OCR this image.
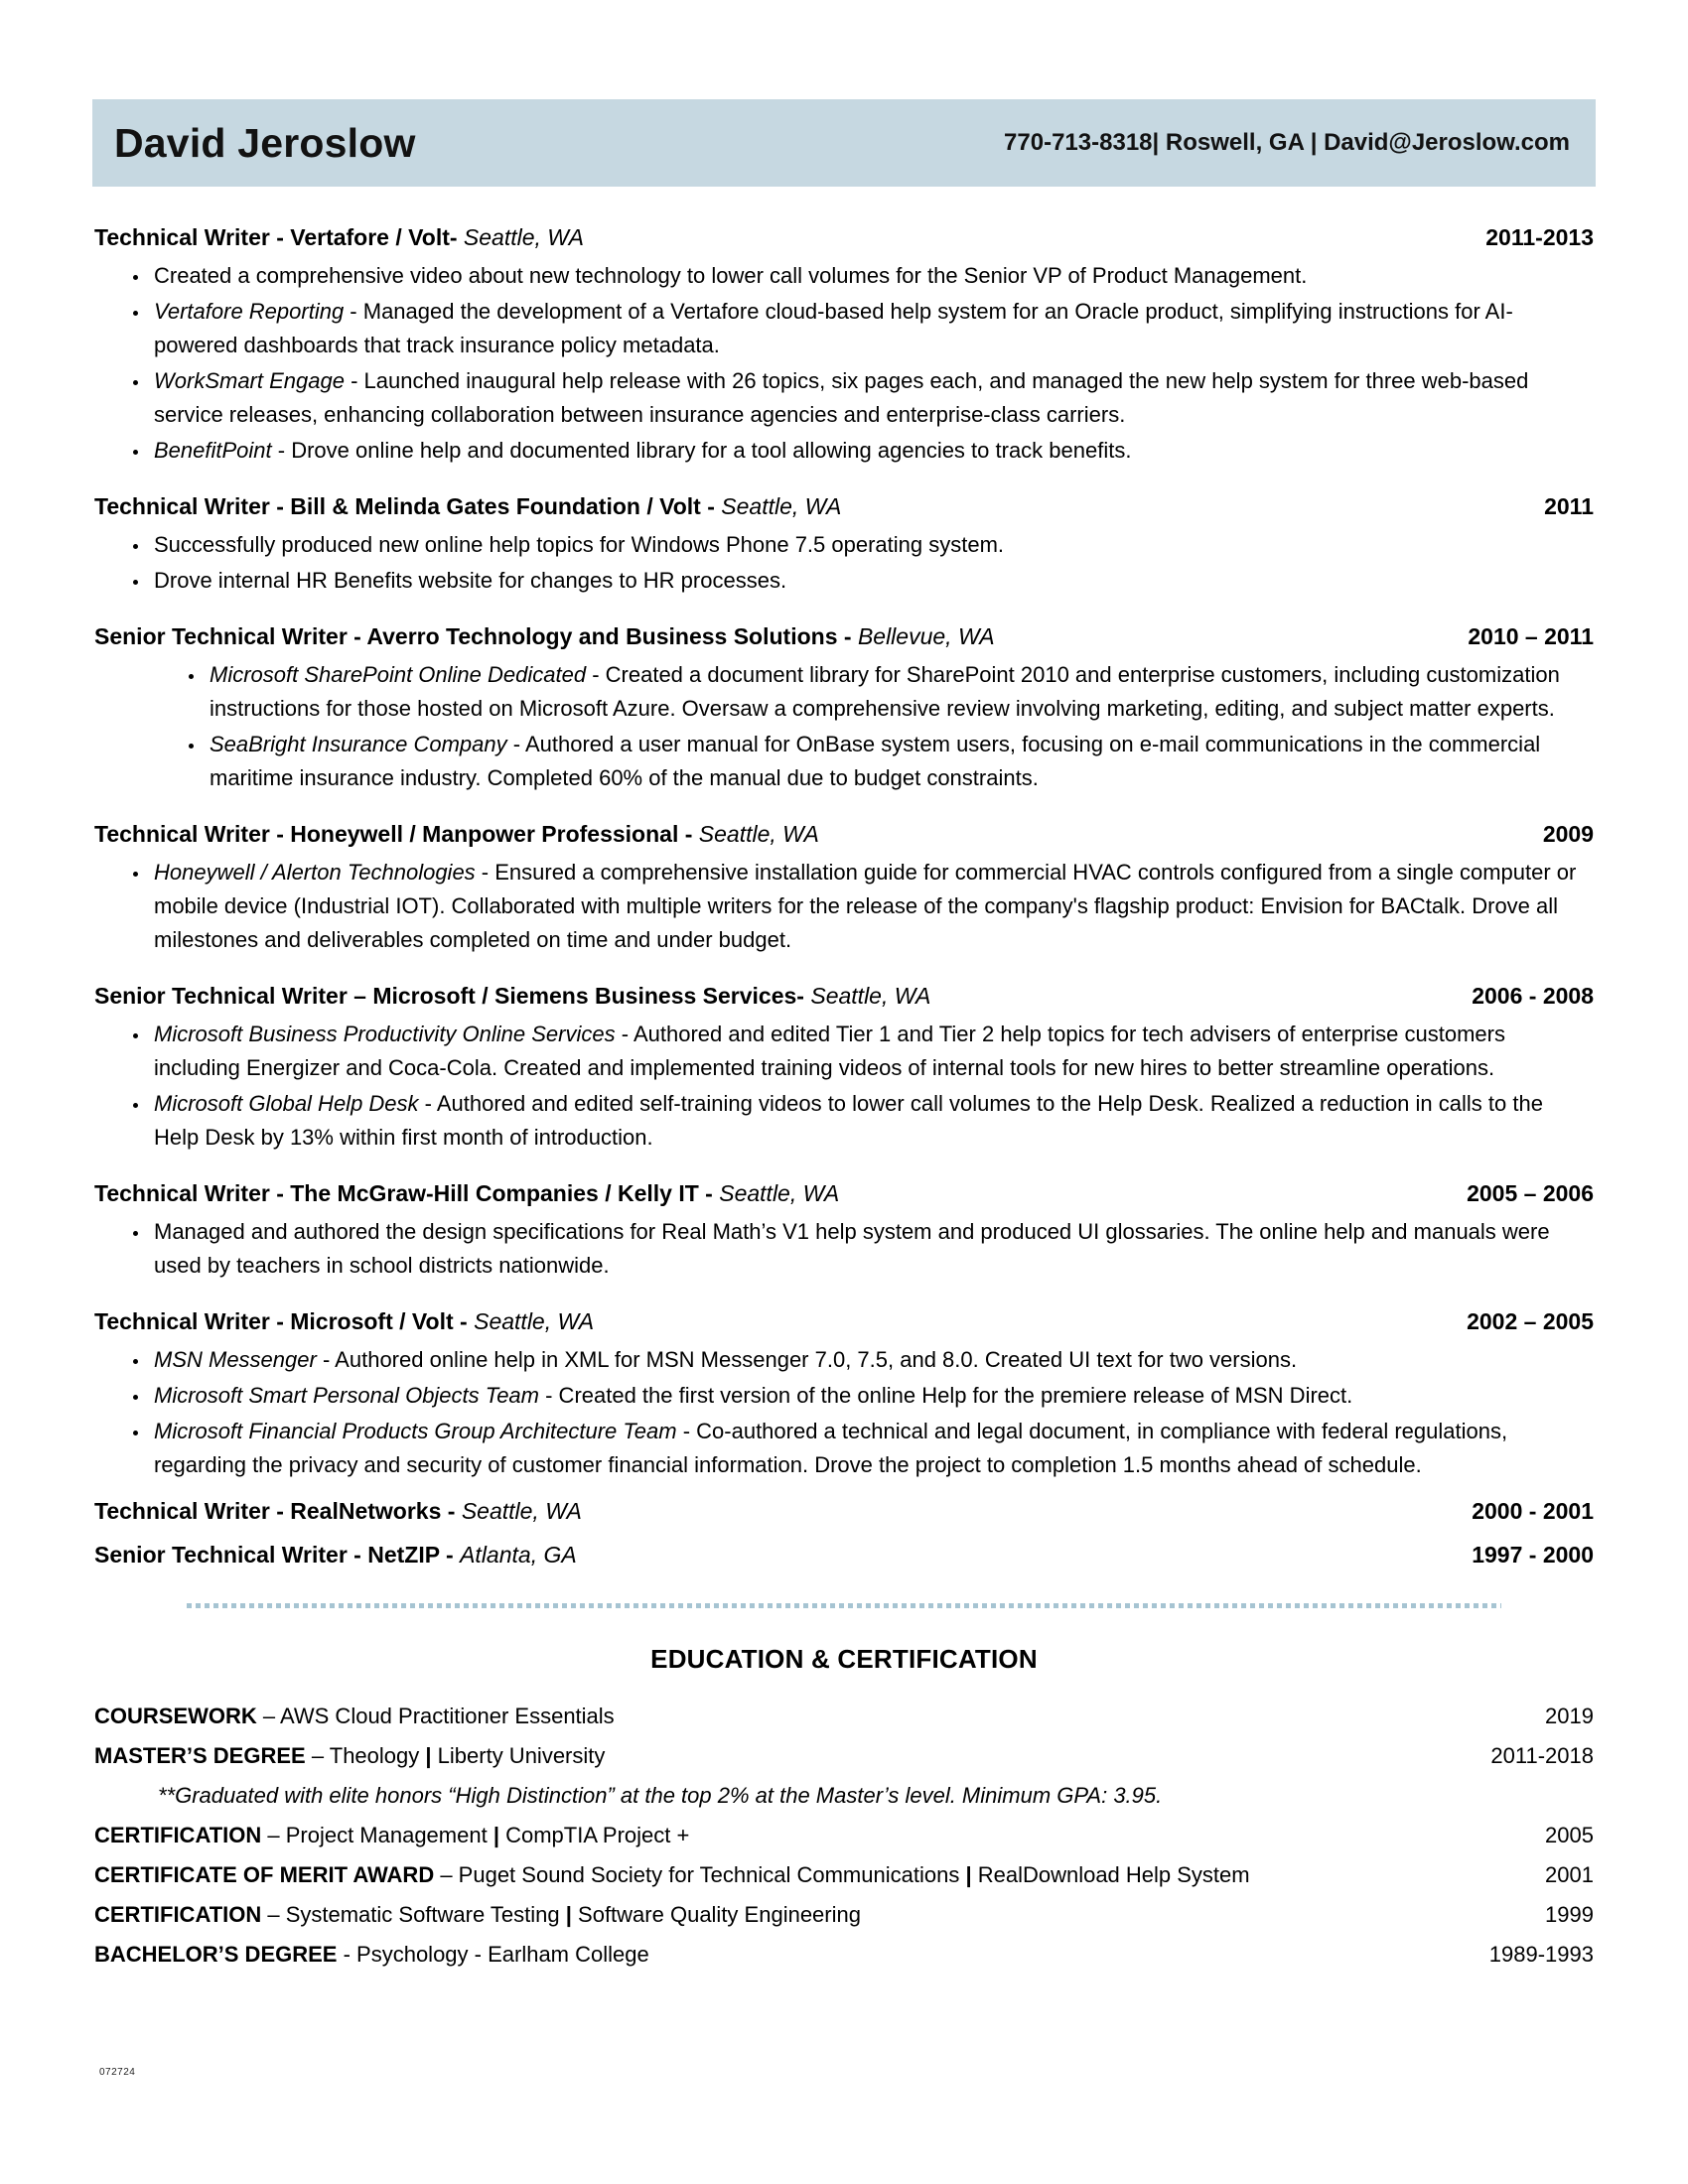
David Jeroslow	770-713-8318| Roswell, GA | David@Jeroslow.com
Technical Writer - Vertafore / Volt- Seattle, WA	2011-2013
• Created a comprehensive video about new technology to lower call volumes for the Senior VP of Product Management.
• Vertafore Reporting - Managed the development of a Vertafore cloud-based help system for an Oracle product, simplifying instructions for AI-powered dashboards that track insurance policy metadata.
• WorkSmart Engage - Launched inaugural help release with 26 topics, six pages each, and managed the new help system for three web-based service releases, enhancing collaboration between insurance agencies and enterprise-class carriers.
• BenefitPoint - Drove online help and documented library for a tool allowing agencies to track benefits.
Technical Writer - Bill & Melinda Gates Foundation / Volt - Seattle, WA	2011
• Successfully produced new online help topics for Windows Phone 7.5 operating system.
• Drove internal HR Benefits website for changes to HR processes.
Senior Technical Writer - Averro Technology and Business Solutions - Bellevue, WA	2010 – 2011
• Microsoft SharePoint Online Dedicated - Created a document library for SharePoint 2010 and enterprise customers, including customization instructions for those hosted on Microsoft Azure. Oversaw a comprehensive review involving marketing, editing, and subject matter experts.
• SeaBright Insurance Company - Authored a user manual for OnBase system users, focusing on e-mail communications in the commercial maritime insurance industry. Completed 60% of the manual due to budget constraints.
Technical Writer - Honeywell / Manpower Professional - Seattle, WA	2009
• Honeywell / Alerton Technologies - Ensured a comprehensive installation guide for commercial HVAC controls configured from a single computer or mobile device (Industrial IOT). Collaborated with multiple writers for the release of the company's flagship product: Envision for BACtalk. Drove all milestones and deliverables completed on time and under budget.
Senior Technical Writer – Microsoft / Siemens Business Services- Seattle, WA	2006 - 2008
• Microsoft Business Productivity Online Services - Authored and edited Tier 1 and Tier 2 help topics for tech advisers of enterprise customers including Energizer and Coca-Cola. Created and implemented training videos of internal tools for new hires to better streamline operations.
• Microsoft Global Help Desk - Authored and edited self-training videos to lower call volumes to the Help Desk. Realized a reduction in calls to the Help Desk by 13% within first month of introduction.
Technical Writer - The McGraw-Hill Companies / Kelly IT - Seattle, WA	2005 – 2006
• Managed and authored the design specifications for Real Math’s V1 help system and produced UI glossaries. The online help and manuals were used by teachers in school districts nationwide.
Technical Writer - Microsoft / Volt - Seattle, WA	2002 – 2005
• MSN Messenger - Authored online help in XML for MSN Messenger 7.0, 7.5, and 8.0. Created UI text for two versions.
• Microsoft Smart Personal Objects Team - Created the first version of the online Help for the premiere release of MSN Direct.
• Microsoft Financial Products Group Architecture Team - Co-authored a technical and legal document, in compliance with federal regulations, regarding the privacy and security of customer financial information. Drove the project to completion 1.5 months ahead of schedule.
Technical Writer - RealNetworks - Seattle, WA	2000 - 2001
Senior Technical Writer - NetZIP - Atlanta, GA	1997 - 2000
EDUCATION & CERTIFICATION
COURSEWORK – AWS Cloud Practitioner Essentials	2019
MASTER’S DEGREE – Theology | Liberty University	2011-2018
**Graduated with elite honors “High Distinction” at the top 2% at the Master’s level. Minimum GPA: 3.95.
CERTIFICATION – Project Management | CompTIA Project +	2005
CERTIFICATE OF MERIT AWARD – Puget Sound Society for Technical Communications | RealDownload Help System	2001
CERTIFICATION – Systematic Software Testing | Software Quality Engineering	1999
BACHELOR’S DEGREE - Psychology - Earlham College	1989-1993
072724
